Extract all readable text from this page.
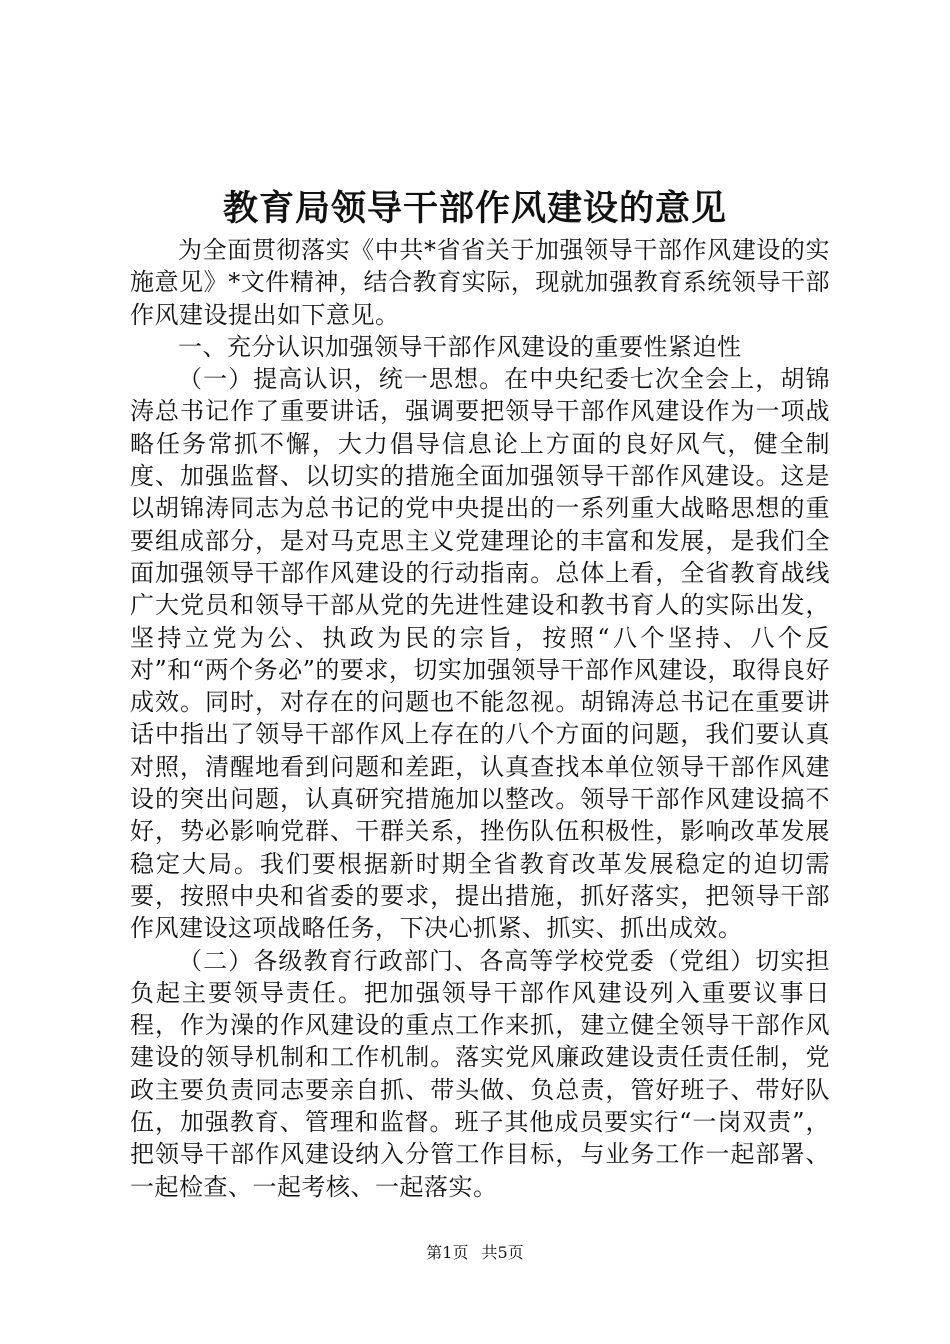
教育局领导干部作风建设的意见

为全面贯彻落实《中共*省省关于加强领导干部作风建设的实施意见》*文件精神，结合教育实际，现就加强教育系统领导干部作风建设提出如下意见。

一、充分认识加强领导干部作风建设的重要性紧迫性

（一）提高认识，统一思想。在中央纪委七次全会上，胡锦涛总书记作了重要讲话，强调要把领导干部作风建设作为一项战略任务常抓不懈，大力倡导信息论上方面的良好风气，健全制度、加强监督、以切实的措施全面加强领导干部作风建设。这是以胡锦涛同志为总书记的党中央提出的一系列重大战略思想的重要组成部分，是对马克思主义党建理论的丰富和发展，是我们全面加强领导干部作风建设的行动指南。总体上看，全省教育战线广大党员和领导干部从党的先进性建设和教书育人的实际出发，坚持立党为公、执政为民的宗旨，按照“八个坚持、八个反对”和“两个务必”的要求，切实加强领导干部作风建设，取得良好成效。同时，对存在的问题也不能忽视。胡锦涛总书记在重要讲话中指出了领导干部作风上存在的八个方面的问题，我们要认真对照，清醒地看到问题和差距，认真查找本单位领导干部作风建设的突出问题，认真研究措施加以整改。领导干部作风建设搞不好，势必影响党群、干群关系，挫伤队伍积极性，影响改革发展稳定大局。我们要根据新时期全省教育改革发展稳定的迫切需要，按照中央和省委的要求，提出措施，抓好落实，把领导干部作风建设这项战略任务，下决心抓紧、抓实、抓出成效。

（二）各级教育行政部门、各高等学校党委（党组）切实担负起主要领导责任。把加强领导干部作风建设列入重要议事日程，作为澡的作风建设的重点工作来抓，建立健全领导干部作风建设的领导机制和工作机制。落实党风廉政建设责任责任制，党政主要负责同志要亲自抓、带头做、负总责，管好班子、带好队伍，加强教育、管理和监督。班子其他成员要实行“一岗双责”，把领导干部作风建设纳入分管工作目标，与业务工作一起部署、一起检查、一起考核、一起落实。

第1页 共5页
